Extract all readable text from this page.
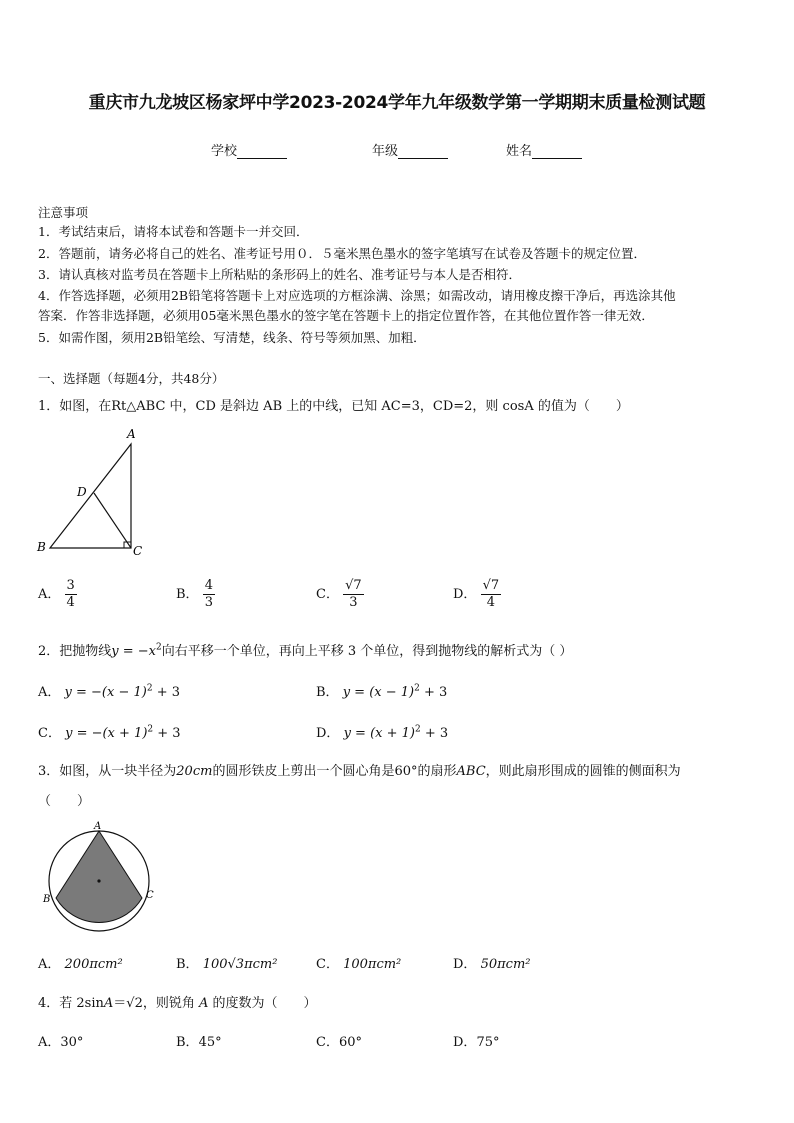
重庆市九龙坡区杨家坪中学2023-2024学年九年级数学第一学期期末质量检测试题
学校	年级	姓名
注意事项
1．考试结束后，请将本试卷和答题卡一并交回．
2．答题前，请务必将自己的姓名、准考证号用０．５毫米黑色墨水的签字笔填写在试卷及答题卡的规定位置．
3．请认真核对监考员在答题卡上所粘贴的条形码上的姓名、准考证号与本人是否相符．
4．作答选择题，必须用2B铅笔将答题卡上对应选项的方框涂满、涂黑；如需改动，请用橡皮擦干净后，再选涂其他
答案．作答非选择题，必须用05毫米黑色墨水的签字笔在答题卡上的指定位置作答，在其他位置作答一律无效．
5．如需作图，须用2B铅笔绘、写清楚，线条、符号等须加黑、加粗．
一、选择题（每题4分，共48分）
1．如图，在Rt△ABC 中，CD 是斜边 AB 上的中线，已知 AC=3，CD=2，则 cosA 的值为（　　）
A
D
B	C
A． $\frac{3}{4}$	B． $\frac{4}{3}$	C． $\frac{√7}{3}$	D． $\frac{√7}{4}$
2．把抛物线$y = -x^2$向右平移一个单位，再向上平移 3 个单位，得到抛物线的解析式为（ ）
A． $y = -(x - 1)^2 + 3$	B． $y = (x - 1)^2 + 3$
C． $y = -(x + 1)^2 + 3$	D． $y = (x + 1)^2 + 3$
3．如图，从一块半径为20cm的圆形铁皮上剪出一个圆心角是60°的扇形ABC，则此扇形围成的圆锥的侧面积为
（　　）
A
B	C
A． 200πcm²	B． 100√3πcm²	C． 100πcm²	D． 50πcm²
4．若 2sinA＝√2，则锐角 A 的度数为（　　）
A．30°	B．45°	C．60°	D．75°
